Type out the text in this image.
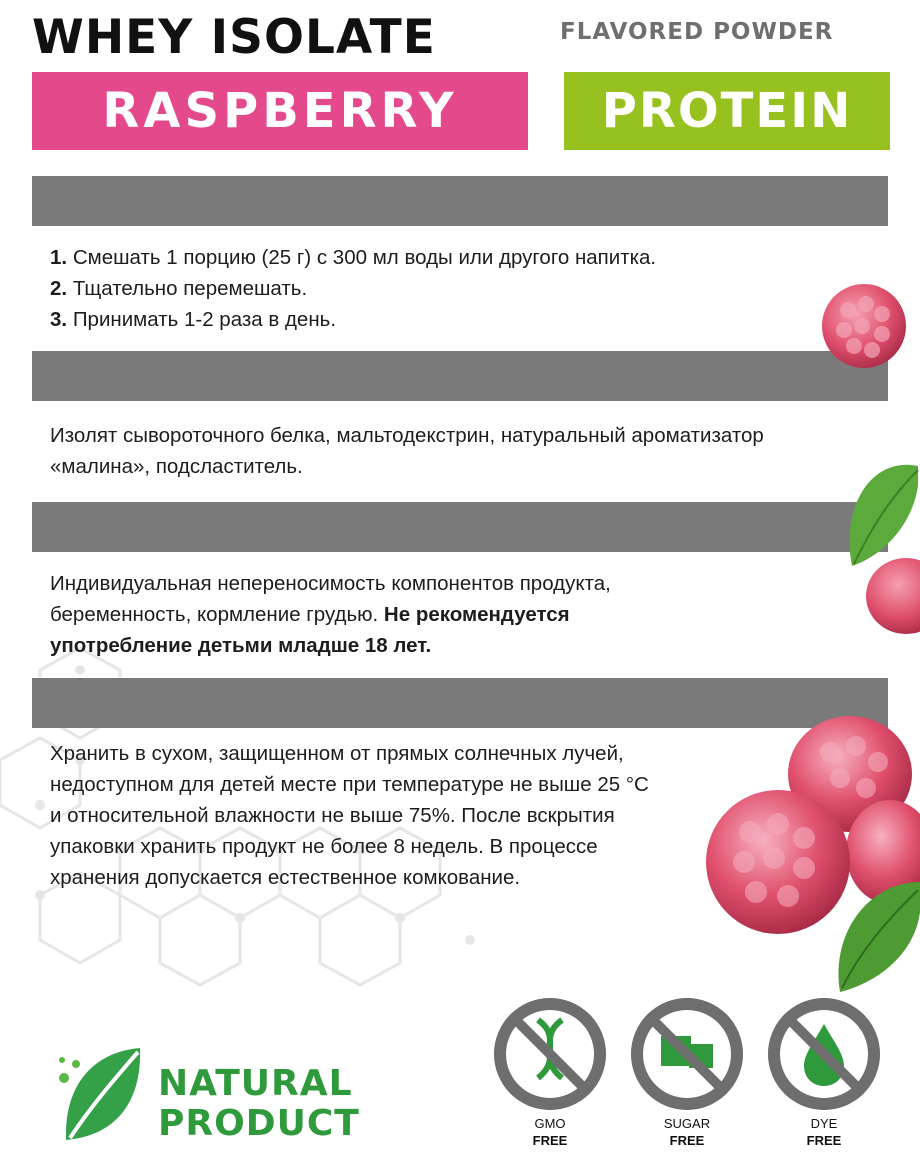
WHEY ISOLATE	FLAVORED POWDER
RASPBERRY	PROTEIN

1. Смешать 1 порцию (25 г) с 300 мл воды или другого напитка.

2. Тщательно перемешать.

3. Принимать 1-2 раза в день.

Изолят сывороточного белка, мальтодекстрин, натуральный ароматизатор

«малина», подсластитель.

Индивидуальная непереносимость компонентов продукта,

беременность, кормление грудью. Не рекомендуется

употребление детьми младше 18 лет.

Хранить в сухом, защищенном от прямых солнечных лучей,

недоступном для детей месте при температуре не выше 25 °C

и относительной влажности не выше 75%. После вскрытия

упаковки хранить продукт не более 8 недель. В процессе

хранения допускается естественное комкование.

NATURAL
PRODUCT	GMO
FREE
SUGAR
FREE
DYE
FREE
